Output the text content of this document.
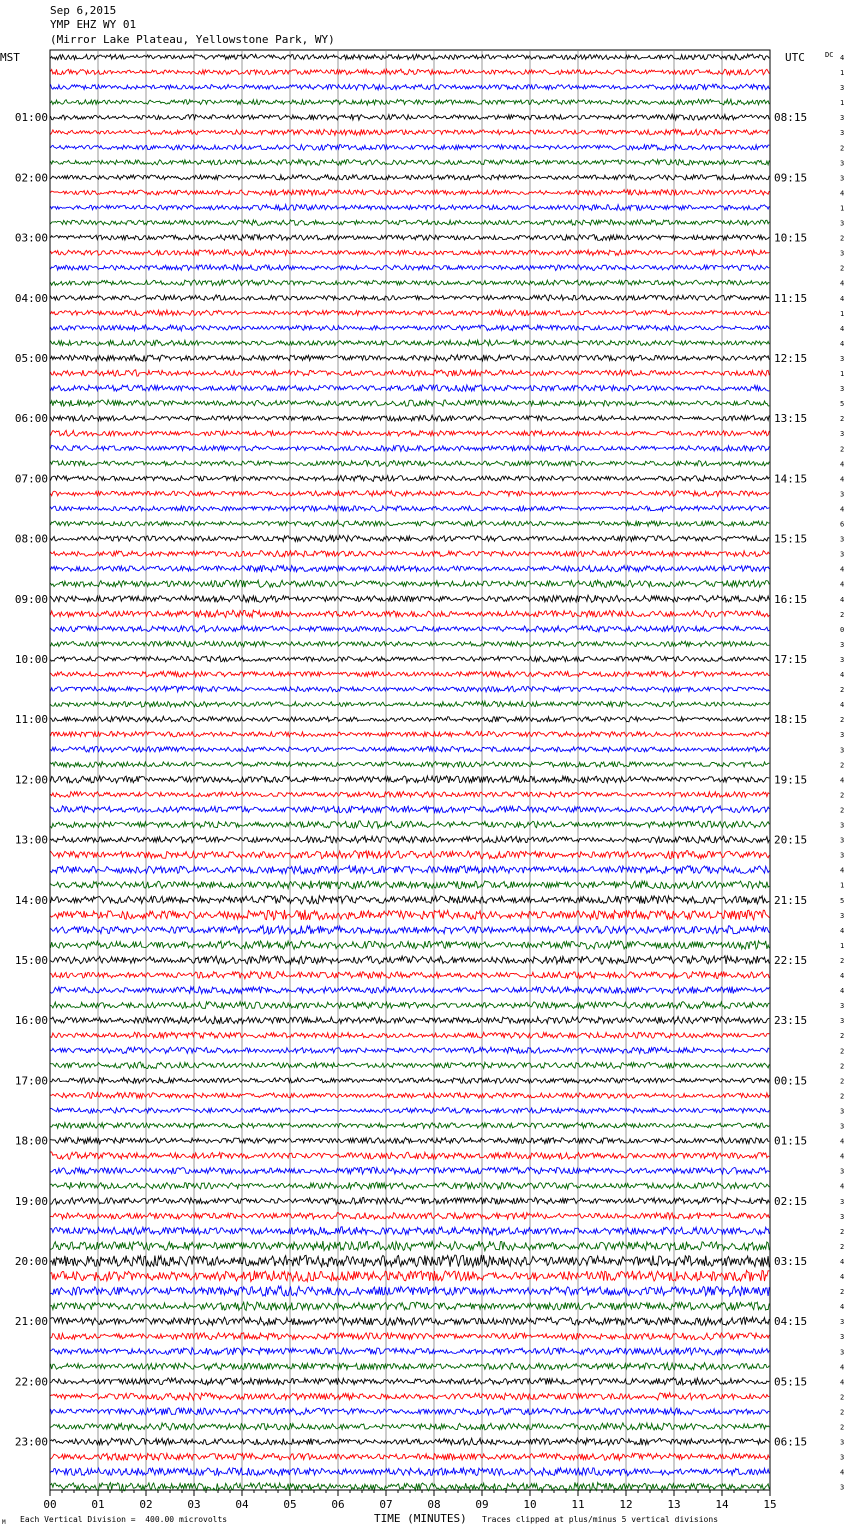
Sep 6,2015
YMP EHZ WY 01
(Mirror Lake Plateau, Yellowstone Park, WY)
MST	UTC	DC
01:00
02:00
03:00
04:00
05:00
06:00
07:00
08:00
09:00
10:00
11:00
12:00
13:00
14:00
15:00
16:00
17:00
18:00
19:00
20:00
21:00
22:00
23:00
08:15
09:15
10:15
11:15
12:15
13:15
14:15
15:15
16:15
17:15
18:15
19:15
20:15
21:15
22:15
23:15
00:15
01:15
02:15
03:15
04:15
05:15
06:15
4
1
3
1
3
3
2
3
3
4
1
3
2
3
2
4
4
1
4
4
3
1
3
5
2
3
2
4
4
3
4
6
3
3
4
4
4
2
0
3
3
4
2
4
2
3
3
2
4
2
2
3
3
3
4
1
5
3
4
1
2
4
4
3
3
2
2
2
2
2
3
3
4
4
3
4
3
3
2
2
4
4
2
4
3
3
3
4
4
2
2
2
3
3
4
3
00	01	02	03	04	05	06	07	08	09	10	11	12	13	14	15
M Each Vertical Division =  400.00 microvolts	TIME (MINUTES) Traces clipped at plus/minus 5 vertical divisions
